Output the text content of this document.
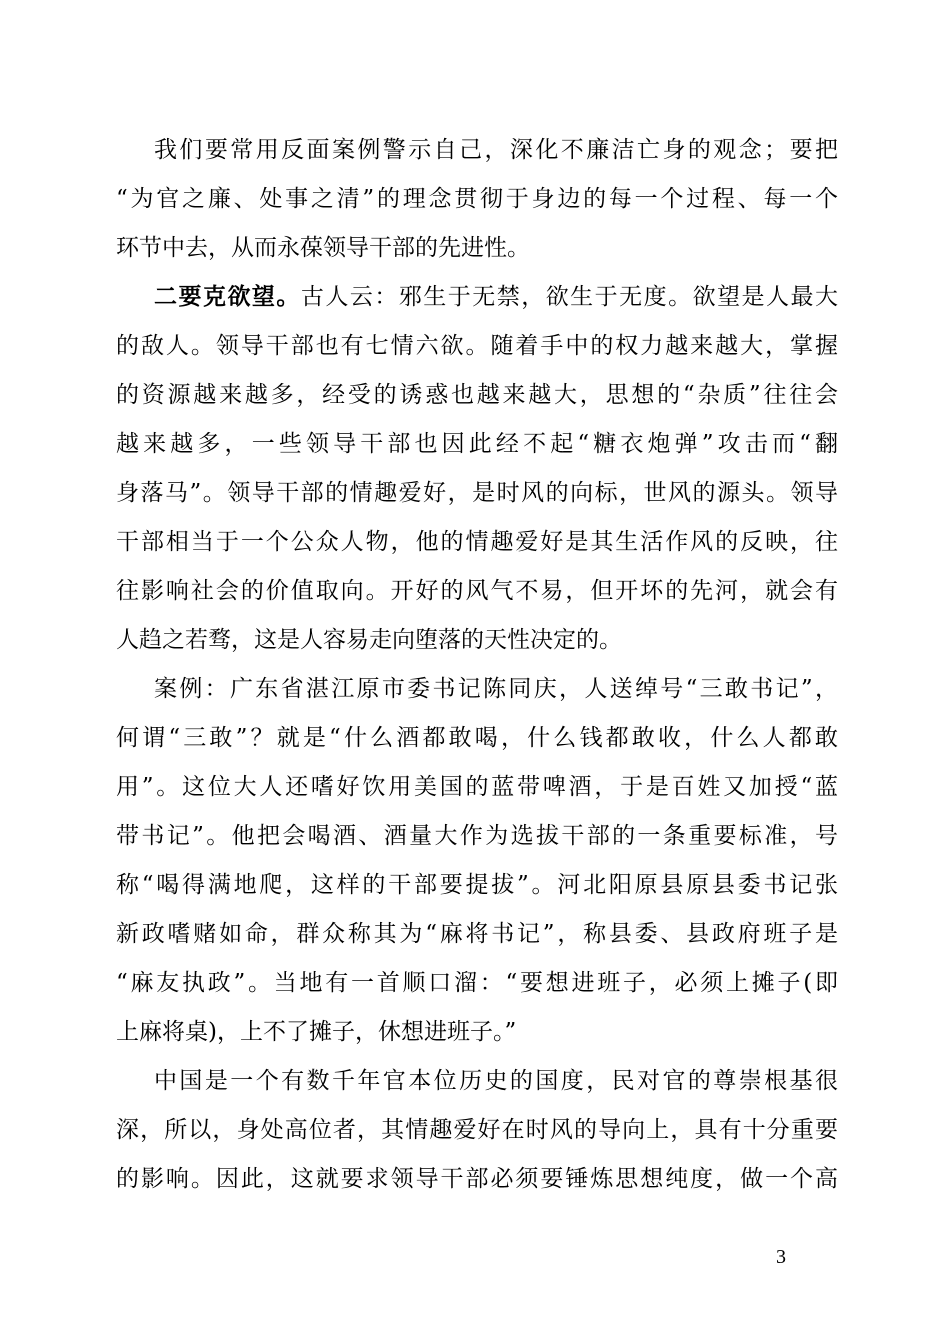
我们要常用反面案例警示自己，深化不廉洁亡身的观念；要把
“为官之廉、处事之清”的理念贯彻于身边的每一个过程、每一个
环节中去，从而永葆领导干部的先进性。
二要克欲望。古人云：邪生于无禁，欲生于无度。欲望是人最大
的敌人。领导干部也有七情六欲。随着手中的权力越来越大，掌握
的资源越来越多，经受的诱惑也越来越大，思想的“杂质”往往会
越来越多，一些领导干部也因此经不起“糖衣炮弹”攻击而“翻
身落马”。领导干部的情趣爱好，是时风的向标，世风的源头。领导
干部相当于一个公众人物，他的情趣爱好是其生活作风的反映，往
往影响社会的价值取向。开好的风气不易，但开坏的先河，就会有
人趋之若骛，这是人容易走向堕落的天性决定的。
案例：广东省湛江原市委书记陈同庆，人送绰号“三敢书记”，
何谓“三敢”？就是“什么酒都敢喝，什么钱都敢收，什么人都敢
用”。这位大人还嗜好饮用美国的蓝带啤酒，于是百姓又加授“蓝
带书记”。他把会喝酒、酒量大作为选拔干部的一条重要标准，号
称“喝得满地爬，这样的干部要提拔”。河北阳原县原县委书记张
新政嗜赌如命，群众称其为“麻将书记”，称县委、县政府班子是
“麻友执政”。当地有一首顺口溜：“要想进班子，必须上摊子(即
上麻将桌)，上不了摊子，休想进班子。”
中国是一个有数千年官本位历史的国度，民对官的尊崇根基很
深，所以，身处高位者，其情趣爱好在时风的导向上，具有十分重要
的影响。因此，这就要求领导干部必须要锤炼思想纯度，做一个高
3
